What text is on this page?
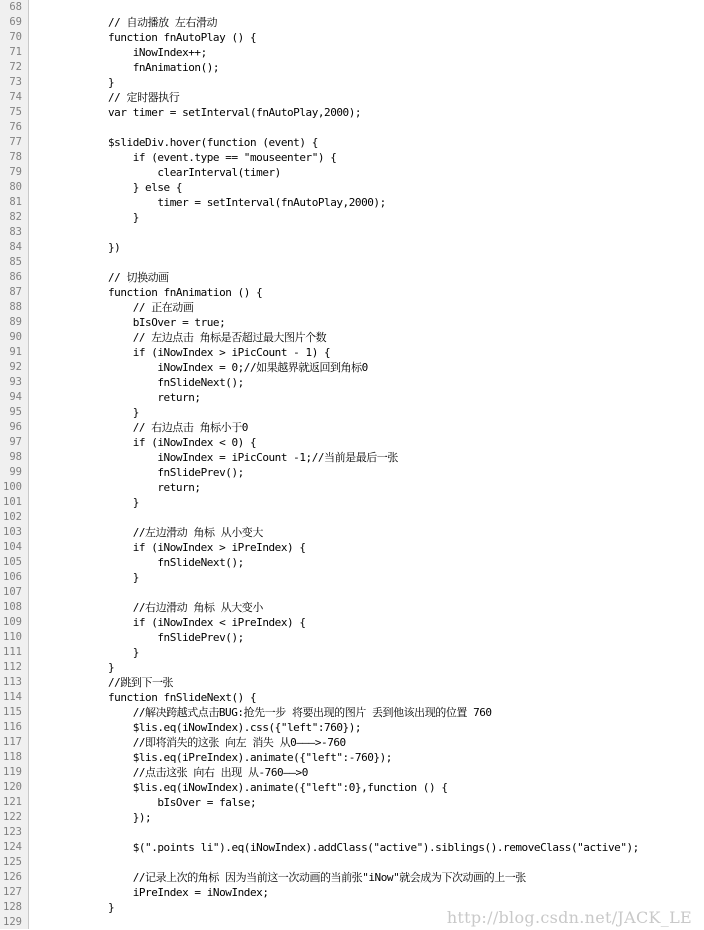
68
69	// 自动播放 左右滑动
70	function fnAutoPlay () {
71	iNowIndex++;
72	fnAnimation();
73	}
74	// 定时器执行
75	var timer = setInterval(fnAutoPlay,2000);
76
77	$slideDiv.hover(function (event) {
78	if (event.type == "mouseenter") {
79	clearInterval(timer)
80	} else {
81	timer = setInterval(fnAutoPlay,2000);
82	}
83
84	})
85
86	// 切换动画
87	function fnAnimation () {
88	// 正在动画
89	bIsOver = true;
90	// 左边点击 角标是否超过最大图片个数
91	if (iNowIndex > iPicCount - 1) {
92	iNowIndex = 0;//如果越界就返回到角标0
93	fnSlideNext();
94	return;
95	}
96	// 右边点击 角标小于0
97	if (iNowIndex < 0) {
98	iNowIndex = iPicCount -1;//当前是最后一张
99	fnSlidePrev();
100	return;
101	}
102
103	//左边滑动 角标 从小变大
104	if (iNowIndex > iPreIndex) {
105	fnSlideNext();
106	}
107
108	//右边滑动 角标 从大变小
109	if (iNowIndex < iPreIndex) {
110	fnSlidePrev();
111	}
112	}
113	//跳到下一张
114	function fnSlideNext() {
115	//解决跨越式点击BUG:抢先一步 将要出现的图片 丢到他该出现的位置 760
116	$lis.eq(iNowIndex).css({"left":760});
117	//即将消失的这张 向左 消失 从0———>-760
118	$lis.eq(iPreIndex).animate({"left":-760});
119	//点击这张 向右 出现 从-760——>0
120	$lis.eq(iNowIndex).animate({"left":0},function () {
121	bIsOver = false;
122	});
123
124	$(".points li").eq(iNowIndex).addClass("active").siblings().removeClass("active");
125
126	//记录上次的角标 因为当前这一次动画的当前张"iNow"就会成为下次动画的上一张
127	iPreIndex = iNowIndex;
128	}
129	http://blog.csdn.net/JACK_LE
